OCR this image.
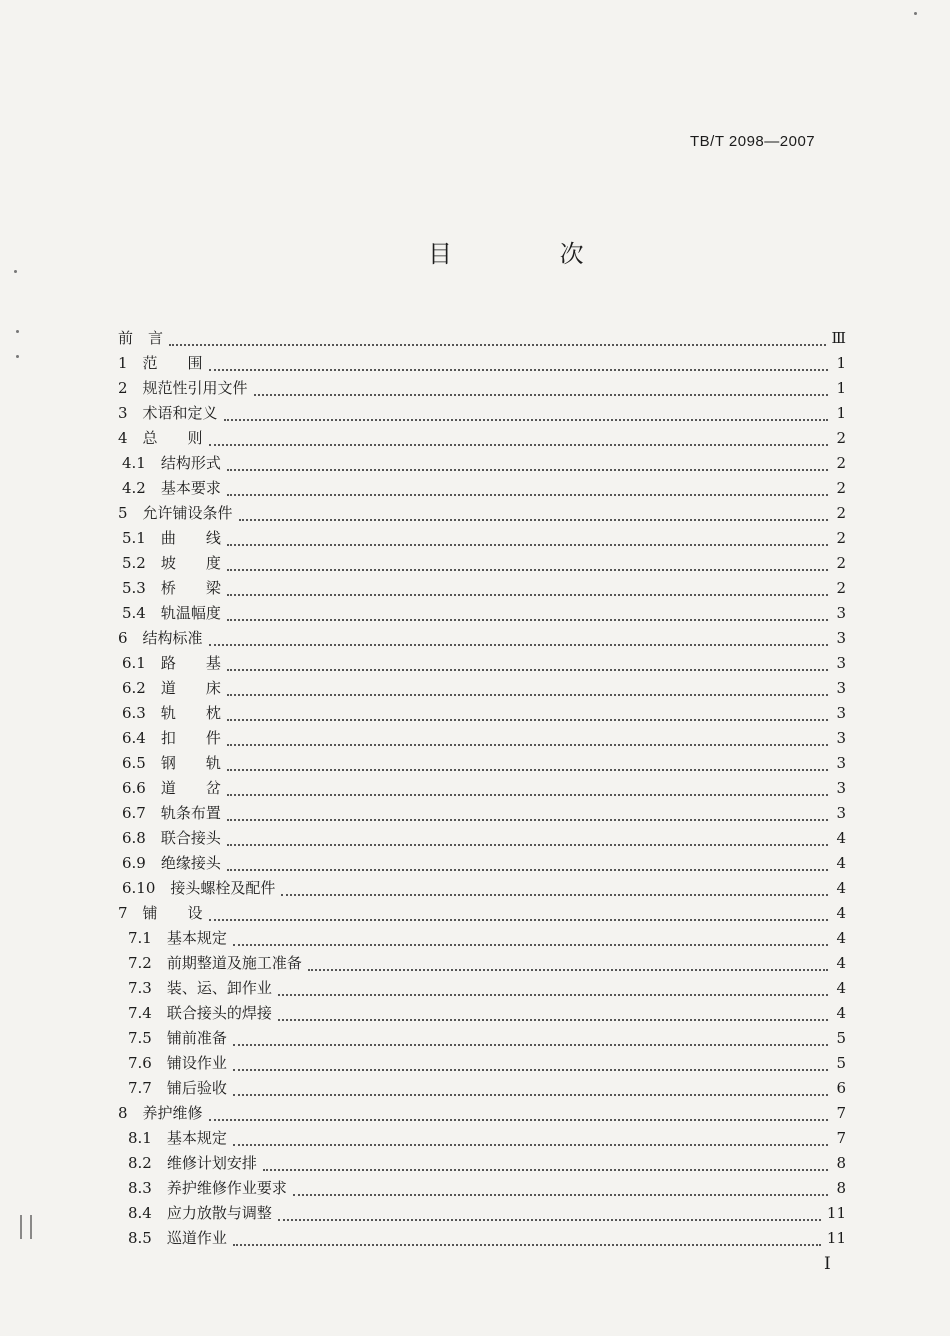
TB/T 2098—2007
目 次
前　言	Ⅲ
1　范　　围	1
2　规范性引用文件	1
3　术语和定义	1
4　总　　则	2
4.1　结构形式	2
4.2　基本要求	2
5　允许铺设条件	2
5.1　曲　　线	2
5.2　坡　　度	2
5.3　桥　　梁	2
5.4　轨温幅度	3
6　结构标准	3
6.1　路　　基	3
6.2　道　　床	3
6.3　轨　　枕	3
6.4　扣　　件	3
6.5　钢　　轨	3
6.6　道　　岔	3
6.7　轨条布置	3
6.8　联合接头	4
6.9　绝缘接头	4
6.10　接头螺栓及配件	4
7　铺　　设	4
7.1　基本规定	4
7.2　前期整道及施工准备	4
7.3　装、运、卸作业	4
7.4　联合接头的焊接	4
7.5　铺前准备	5
7.6　铺设作业	5
7.7　铺后验收	6
8　养护维修	7
8.1　基本规定	7
8.2　维修计划安排	8
8.3　养护维修作业要求	8
8.4　应力放散与调整	11
8.5　巡道作业	11
I
